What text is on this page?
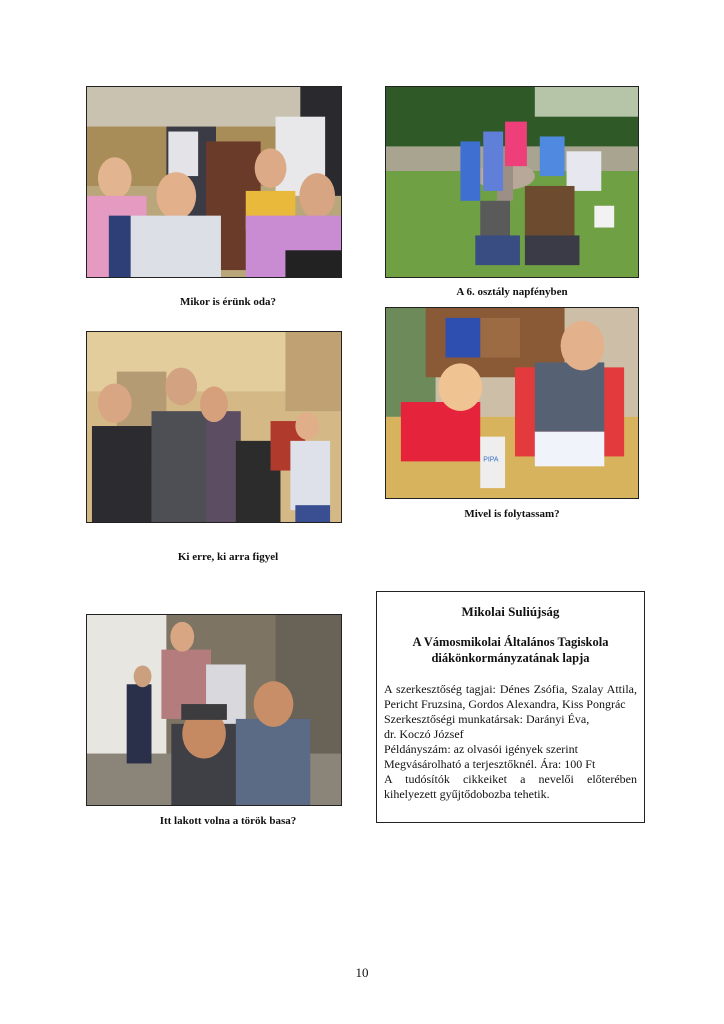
Mikor is érünk oda?
A 6. osztály napfényben
Ki erre, ki arra figyel
PIPA
Mivel is folytassam?
Itt lakott volna a török basa?
Mikolai Suliújság
A Vámosmikolai Általános Tagiskola
diákönkormányzatának lapja
A szerkesztőség tagjai: Dénes Zsófia, Szalay Attila, Pericht Fruzsina, Gordos Alexandra, Kiss Pongrác
Szerkesztőségi munkatársak: Darányi Éva,
dr. Koczó József
Példányszám: az olvasói igények szerint
Megvásárolható a terjesztőknél. Ára: 100 Ft
A tudósítók cikkeiket a nevelői előterében kihelyezett gyűjtődobozba tehetik.
10
